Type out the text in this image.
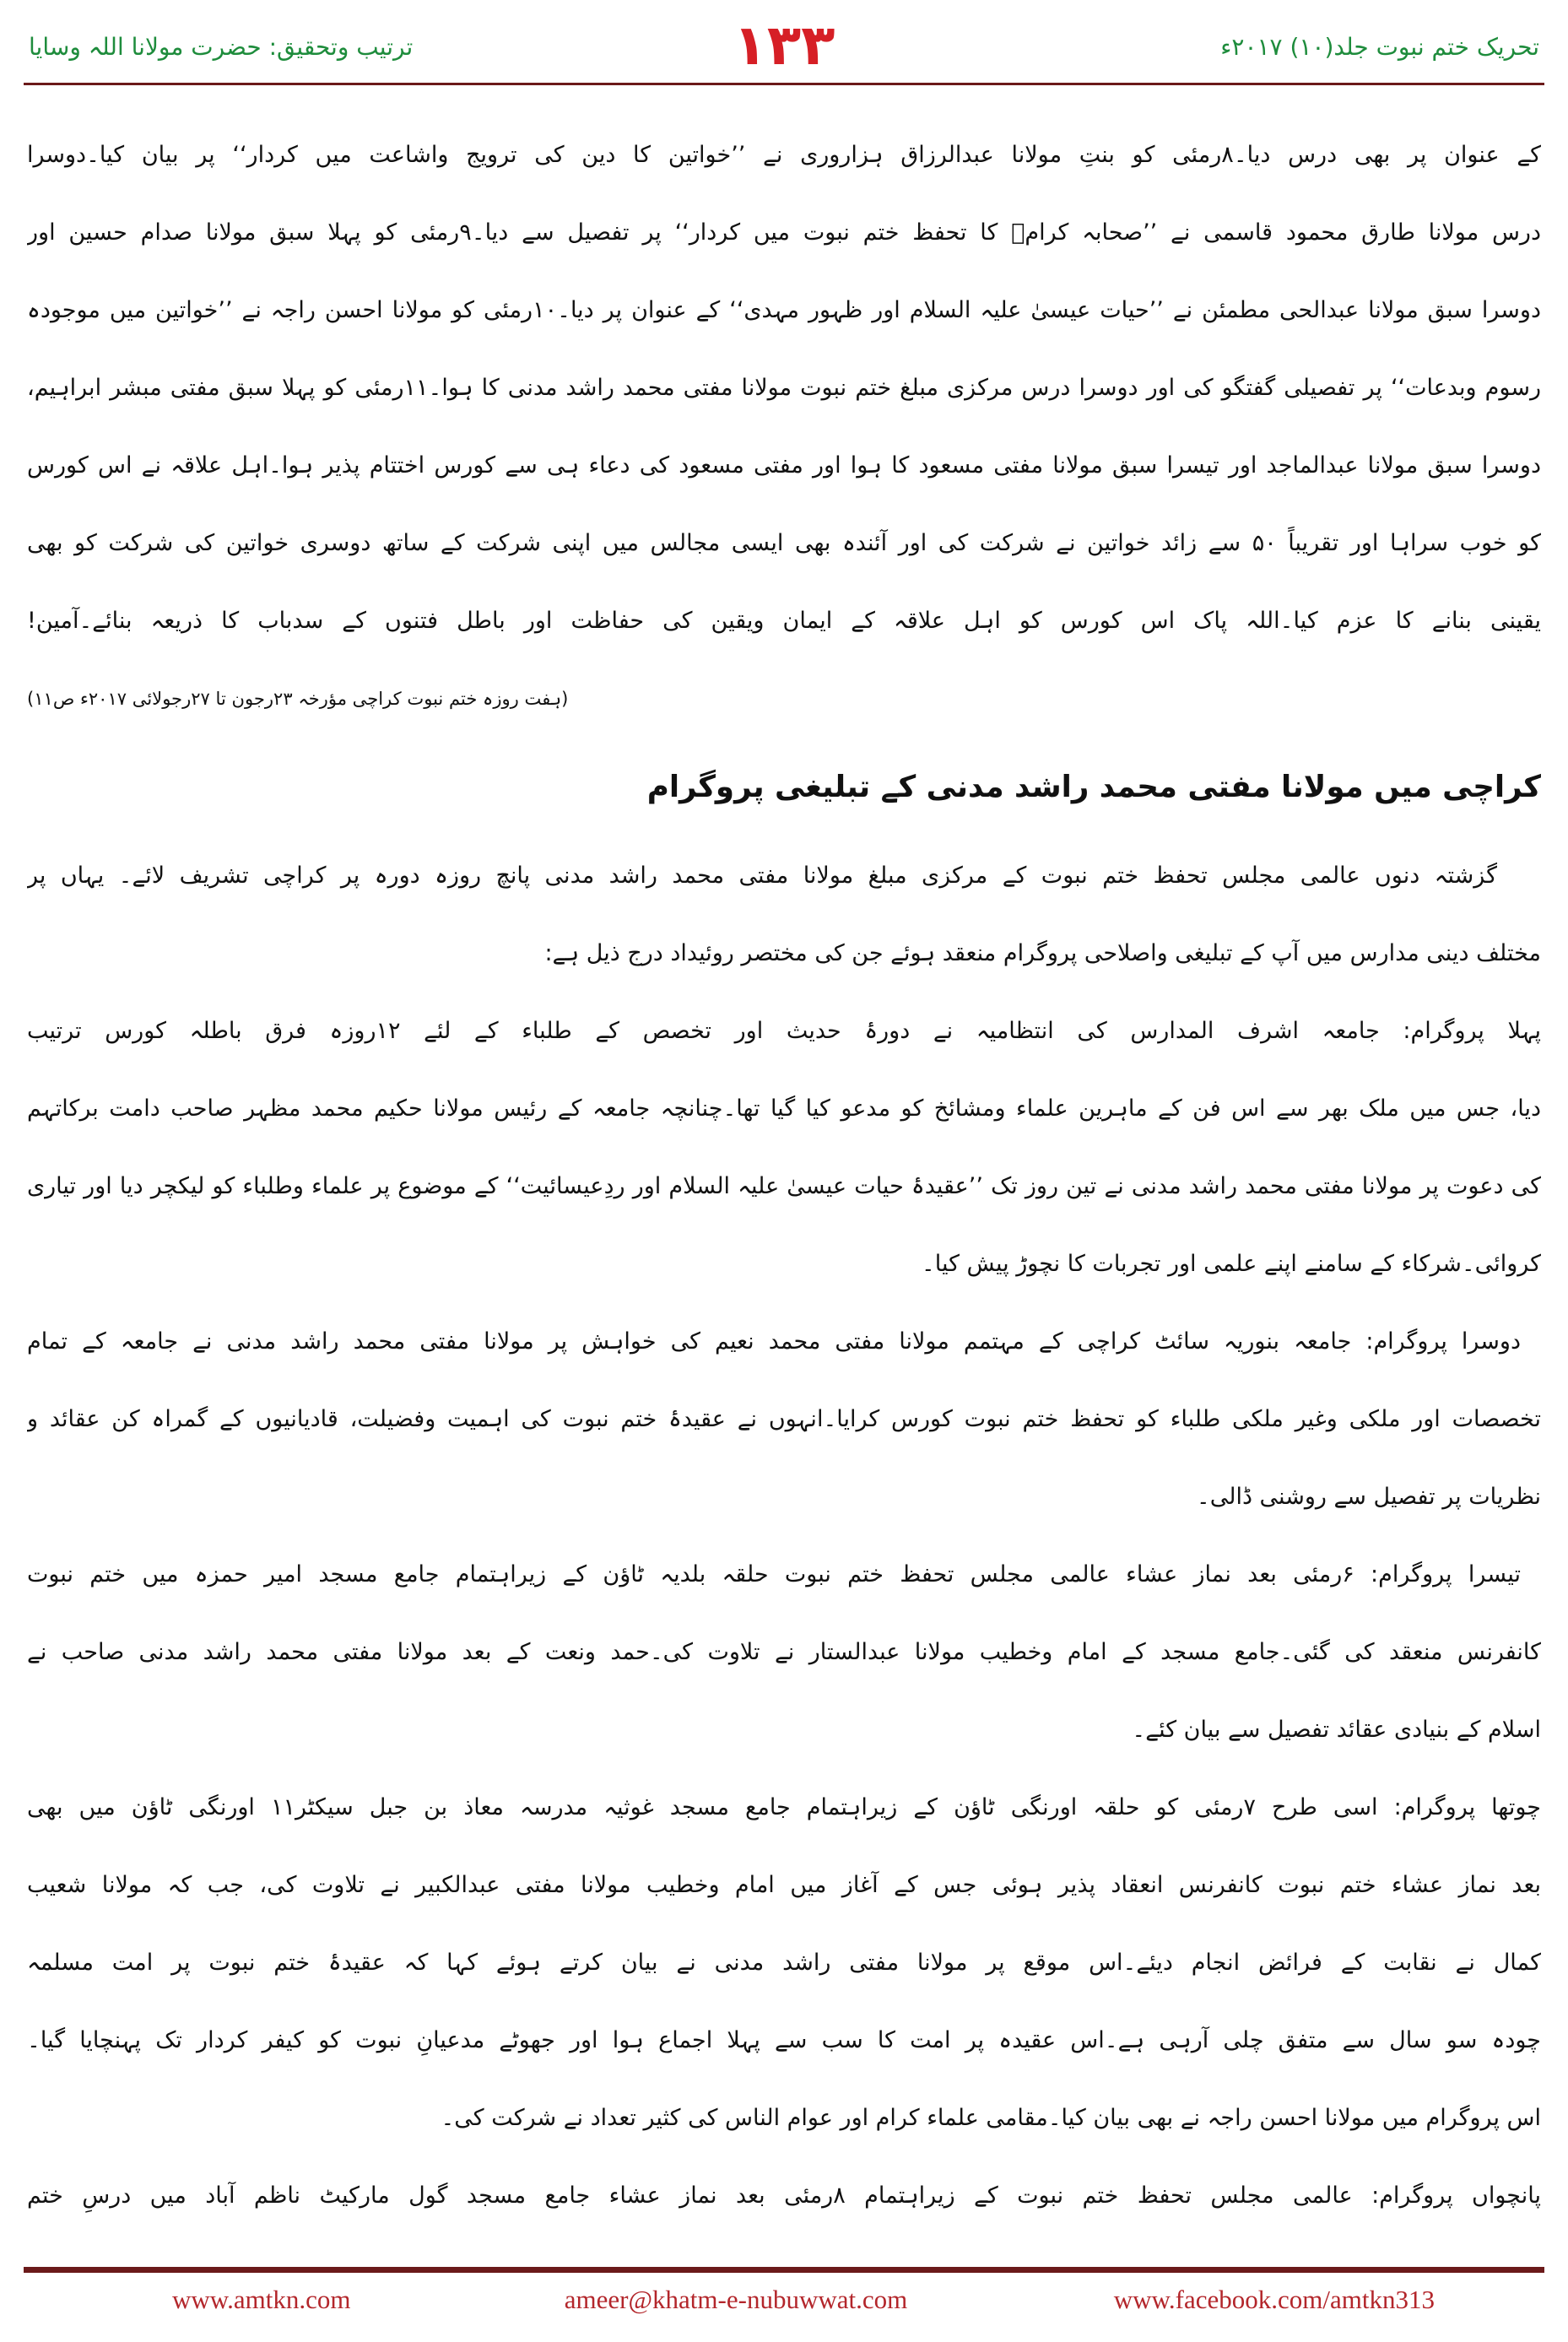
تحریک ختم نبوت جلد(۱۰) ۲۰۱۷ء
۱۳۳
ترتیب وتحقیق: حضرت مولانا اللہ وسایا
کے عنوان پر بھی درس دیا۔۸رمئی کو بنتِ مولانا عبدالرزاق ہزاروری نے ’’خواتین کا دین کی ترویج واشاعت میں کردار‘‘ پر بیان کیا۔دوسرا
درس مولانا طارق محمود قاسمی نے ’’صحابہ کرامؓ کا تحفظ ختم نبوت میں کردار‘‘ پر تفصیل سے دیا۔۹رمئی کو پہلا سبق مولانا صدام حسین اور
دوسرا سبق مولانا عبدالحی مطمئن نے ’’حیات عیسیٰ علیہ السلام اور ظہور مہدی‘‘ کے عنوان پر دیا۔۱۰رمئی کو مولانا احسن راجہ نے ’’خواتین میں موجودہ
رسوم وبدعات‘‘ پر تفصیلی گفتگو کی اور دوسرا درس مرکزی مبلغ ختم نبوت مولانا مفتی محمد راشد مدنی کا ہوا۔۱۱رمئی کو پہلا سبق مفتی مبشر ابراہیم،
دوسرا سبق مولانا عبدالماجد اور تیسرا سبق مولانا مفتی مسعود کا ہوا اور مفتی مسعود کی دعاء ہی سے کورس اختتام پذیر ہوا۔اہل علاقہ نے اس کورس
کو خوب سراہا اور تقریباً ۵۰ سے زائد خواتین نے شرکت کی اور آئندہ بھی ایسی مجالس میں اپنی شرکت کے ساتھ دوسری خواتین کی شرکت کو بھی
یقینی بنانے کا عزم کیا۔اللہ پاک اس کورس کو اہل علاقہ کے ایمان ویقین کی حفاظت اور باطل فتنوں کے سدباب کا ذریعہ بنائے۔آمین!
(ہفت روزہ ختم نبوت کراچی مؤرخہ ۲۳رجون تا ۲۷رجولائی ۲۰۱۷ء ص۱۱)
کراچی میں مولانا مفتی محمد راشد مدنی کے تبلیغی پروگرام
گزشتہ دنوں عالمی مجلس تحفظ ختم نبوت کے مرکزی مبلغ مولانا مفتی محمد راشد مدنی پانچ روزہ دورہ پر کراچی تشریف لائے۔ یہاں پر
مختلف دینی مدارس میں آپ کے تبلیغی واصلاحی پروگرام منعقد ہوئے جن کی مختصر روئیداد درج ذیل ہے:
پہلا پروگرام: جامعہ اشرف المدارس کی انتظامیہ نے دورۂ حدیث اور تخصص کے طلباء کے لئے ۱۲روزہ فرق باطلہ کورس ترتیب
دیا، جس میں ملک بھر سے اس فن کے ماہرین علماء ومشائخ کو مدعو کیا گیا تھا۔چنانچہ جامعہ کے رئیس مولانا حکیم محمد مظہر صاحب دامت برکاتہم
کی دعوت پر مولانا مفتی محمد راشد مدنی نے تین روز تک ’’عقیدۂ حیات عیسیٰ علیہ السلام اور ردِعیسائیت‘‘ کے موضوع پر علماء وطلباء کو لیکچر دیا اور تیاری
کروائی۔شرکاء کے سامنے اپنے علمی اور تجربات کا نچوڑ پیش کیا۔
دوسرا پروگرام: جامعہ بنوریہ سائٹ کراچی کے مہتمم مولانا مفتی محمد نعیم کی خواہش پر مولانا مفتی محمد راشد مدنی نے جامعہ کے تمام
تخصصات اور ملکی وغیر ملکی طلباء کو تحفظ ختم نبوت کورس کرایا۔انہوں نے عقیدۂ ختم نبوت کی اہمیت وفضیلت، قادیانیوں کے گمراہ کن عقائد و
نظریات پر تفصیل سے روشنی ڈالی۔
تیسرا پروگرام: ۶رمئی بعد نماز عشاء عالمی مجلس تحفظ ختم نبوت حلقہ بلدیہ ٹاؤن کے زیراہتمام جامع مسجد امیر حمزہ میں ختم نبوت
کانفرنس منعقد کی گئی۔جامع مسجد کے امام وخطیب مولانا عبدالستار نے تلاوت کی۔حمد ونعت کے بعد مولانا مفتی محمد راشد مدنی صاحب نے
اسلام کے بنیادی عقائد تفصیل سے بیان کئے۔
چوتھا پروگرام: اسی طرح ۷رمئی کو حلقہ اورنگی ٹاؤن کے زیراہتمام جامع مسجد غوثیہ مدرسہ معاذ بن جبل سیکٹر۱۱ اورنگی ٹاؤن میں بھی
بعد نماز عشاء ختم نبوت کانفرنس انعقاد پذیر ہوئی جس کے آغاز میں امام وخطیب مولانا مفتی عبدالکبیر نے تلاوت کی، جب کہ مولانا شعیب
کمال نے نقابت کے فرائض انجام دیئے۔اس موقع پر مولانا مفتی راشد مدنی نے بیان کرتے ہوئے کہا کہ عقیدۂ ختم نبوت پر امت مسلمہ
چودہ سو سال سے متفق چلی آرہی ہے۔اس عقیدہ پر امت کا سب سے پہلا اجماع ہوا اور جھوٹے مدعیانِ نبوت کو کیفر کردار تک پہنچایا گیا۔
اس پروگرام میں مولانا احسن راجہ نے بھی بیان کیا۔مقامی علماء کرام اور عوام الناس کی کثیر تعداد نے شرکت کی۔
پانچواں پروگرام: عالمی مجلس تحفظ ختم نبوت کے زیراہتمام ۸رمئی بعد نماز عشاء جامع مسجد گول مارکیٹ ناظم آباد میں درسِ ختم
www.amtkn.com	ameer@khatm-e-nubuwwat.com	www.facebook.com/amtkn313
